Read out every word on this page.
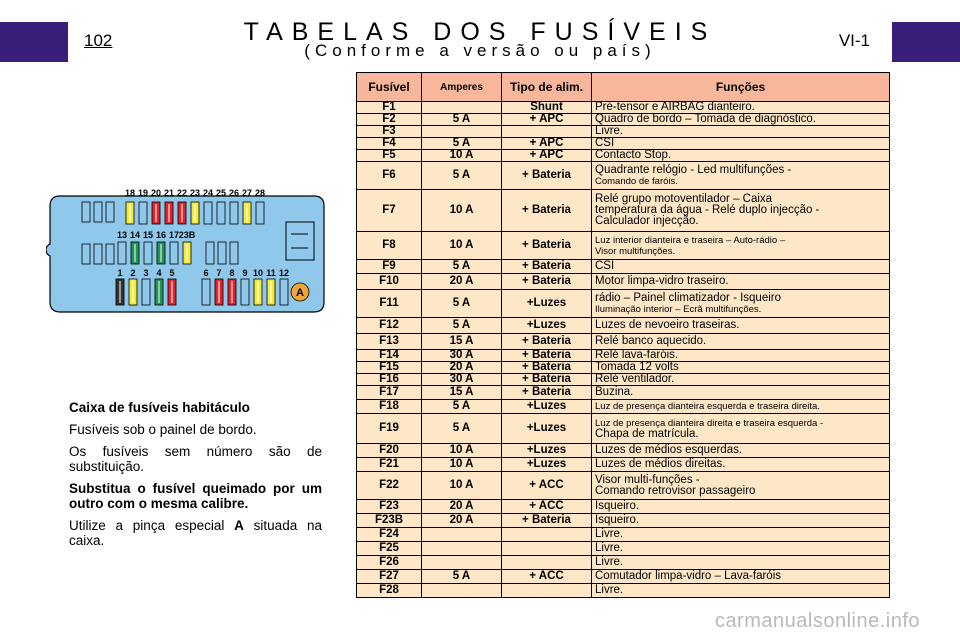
102	VI-1
TABELAS DOS FUSÍVEIS
(Conforme a versão ou país)
18 19 20 21 22 23 24 25 26 27 28
13 14 15 16 17 23B
1 2 3 4 5	6 7 8 9 10 11 12
A

Caixa de fusíveis habitáculo

Fusíveis sob o painel de bordo.

Os fusíveis sem número são de substituição.

Substitua o fusível queimado por um outro com o mesma calibre.

Utilize a pinça especial A situada na caixa.

Fusível	Amperes	Tipo de alim.	Funções
F1		Shunt	Pré-tensor e AIRBAG dianteiro.

F2	5 A	+ APC	Quadro de bordo – Tomada de diagnóstico.

F3			Livre.

F4	5 A	+ APC	CSI

F5	10 A	+ APC	Contacto Stop.

F6	5 A	+ Bateria	Quadrante relógio - Led multifunções -
Comando de faróis.

F7	10 A	+ Bateria	Relé grupo motoventilador – Caixa
temperatura da água - Relé duplo injecção -
Calculador injecção.

F8	10 A	+ Bateria	Luz interior dianteira e traseira – Auto-rádio –
Visor multifunções.

F9	5 A	+ Bateria	CSI

F10	20 A	+ Bateria	Motor limpa-vidro traseiro.

F11	5 A	+Luzes	rádio – Painel climatizador - Isqueiro
Iluminação interior – Ecrã multifunções.

F12	5 A	+Luzes	Luzes de nevoeiro traseiras.

F13	15 A	+ Bateria	Relé banco aquecido.

F14	30 A	+ Bateria	Relé lava-faróis.

F15	20 A	+ Bateria	Tomada 12 volts

F16	30 A	+ Bateria	Relé ventilador.

F17	15 A	+ Bateria	Buzina.

F18	5 A	+Luzes	Luz de presença dianteira esquerda e traseira direita.

F19	5 A	+Luzes	Luz de presença dianteira direita e traseira esquerda -
Chapa de matrícula.

F20	10 A	+Luzes	Luzes de médios esquerdas.

F21	10 A	+Luzes	Luzes de médios direitas.

F22	10 A	+ ACC	Visor multi-funções -
Comando retrovisor passageiro

F23	20 A	+ ACC	Isqueiro.

F23B	20 A	+ Bateria	Isqueiro.

F24			Livre.

F25			Livre.

F26			Livre.

F27	5 A	+ ACC	Comutador limpa-vidro – Lava-faróis

F28			Livre.
carmanualsonline.info
